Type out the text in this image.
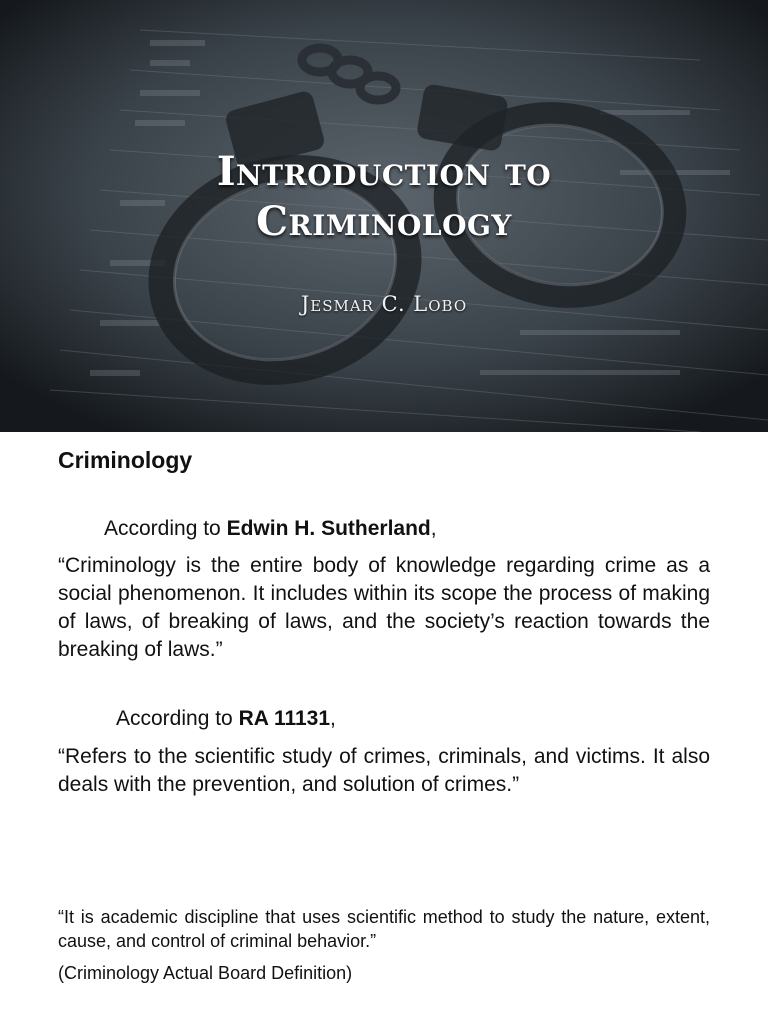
Introduction to
Criminology
Jesmar C. Lobo
Criminology
According to Edwin H. Sutherland,
“Criminology is the entire body of knowledge regarding crime as a social phenomenon. It includes within its scope the process of making of laws, of breaking of laws, and the society’s reaction towards the breaking of laws.”
According to RA 11131,
“Refers to the scientific study of crimes, criminals, and victims. It also deals with the prevention, and solution of crimes.”
“It is academic discipline that uses scientific method to study the nature, extent, cause, and control of criminal behavior.”
(Criminology Actual Board Definition)
